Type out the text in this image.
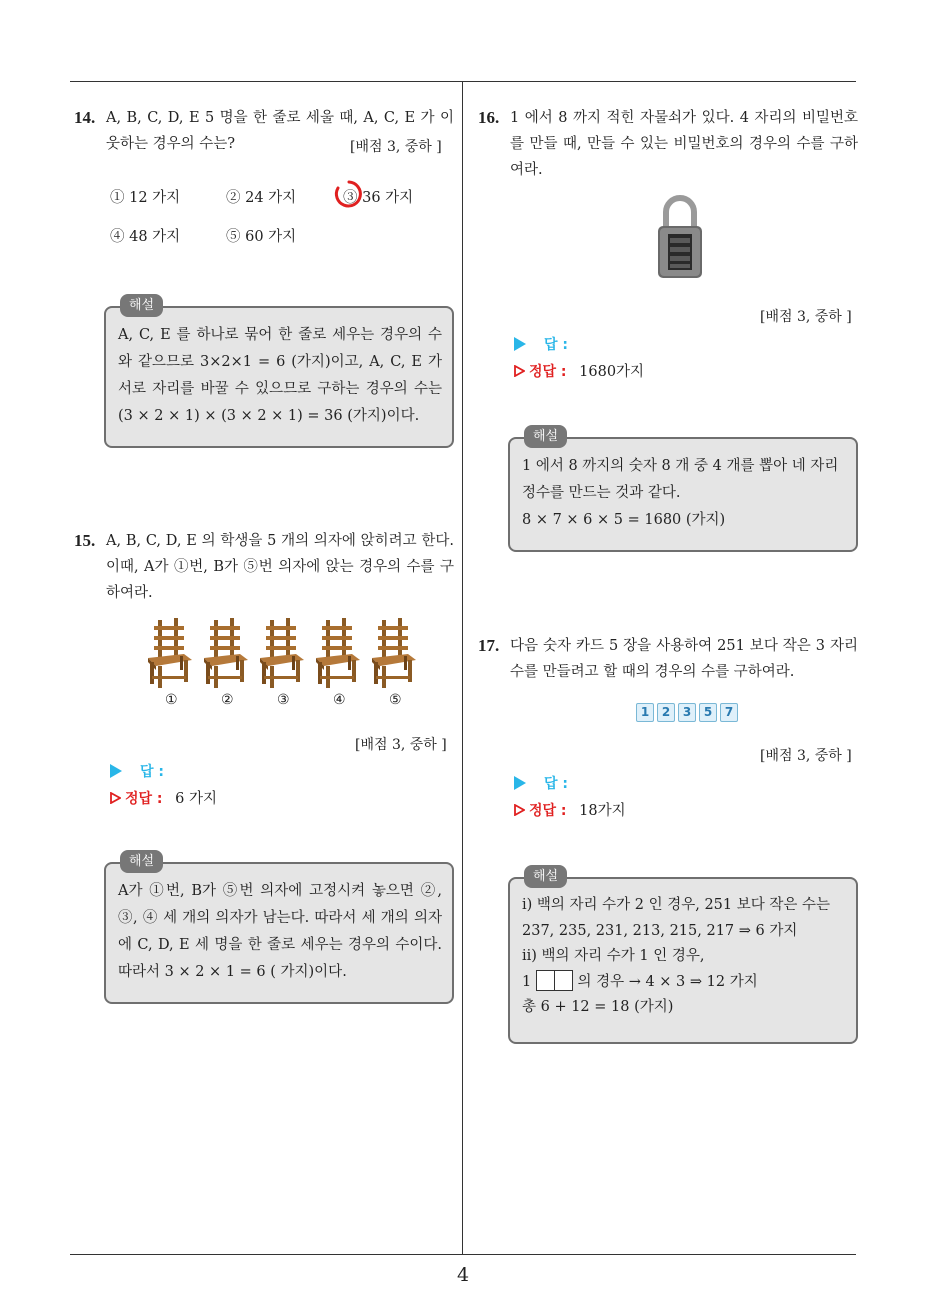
14. A, B, C, D, E 5 명을 한 줄로 세울 때, A, C, E 가 이웃하는 경우의 수는?	[배점 3, 중하 ]
① 12 가지	② 24 가지	③ 36 가지
④ 48 가지	⑤ 60 가지
해설
A, C, E 를 하나로 묶어 한 줄로 세우는 경우의 수와 같으므로 3×2×1 = 6 (가지)이고, A, C, E 가 서로 자리를 바꿀 수 있으므로 구하는 경우의 수는 (3 × 2 × 1) × (3 × 2 × 1) = 36 (가지)이다.
15. A, B, C, D, E 의 학생을 5 개의 의자에 앉히려고 한다. 이때, A가 ①번, B가 ⑤번 의자에 앉는 경우의 수를 구하여라.
①	②	③	④	⑤
[배점 3, 중하 ]
답 :
정답 : 6 가지
해설
A가 ①번, B가 ⑤번 의자에 고정시켜 놓으면 ②, ③, ④ 세 개의 의자가 남는다. 따라서 세 개의 의자에 C, D, E 세 명을 한 줄로 세우는 경우의 수이다. 따라서 3 × 2 × 1 = 6 ( 가지)이다.
16. 1 에서 8 까지 적힌 자물쇠가 있다. 4 자리의 비밀번호를 만들 때, 만들 수 있는 비밀번호의 경우의 수를 구하여라.
[배점 3, 중하 ]
답 :
정답 : 1680가지
해설
1 에서 8 까지의 숫자 8 개 중 4 개를 뽑아 네 자리
정수를 만드는 것과 같다.
8 × 7 × 6 × 5 = 1680 (가지)
17. 다음 숫자 카드 5 장을 사용하여 251 보다 작은 3 자리 수를 만들려고 할 때의 경우의 수를 구하여라.
1 2 3 5 7
[배점 3, 중하 ]
답 :
정답 : 18가지
해설
ⅰ) 백의 자리 수가 2 인 경우, 251 보다 작은 수는
237, 235, 231, 213, 215, 217 ⇒ 6 가지
ⅱ) 백의 자리 수가 1 인 경우,
1	의 경우 → 4 × 3 ⇒ 12 가지
총 6 + 12 = 18 (가지)
4
